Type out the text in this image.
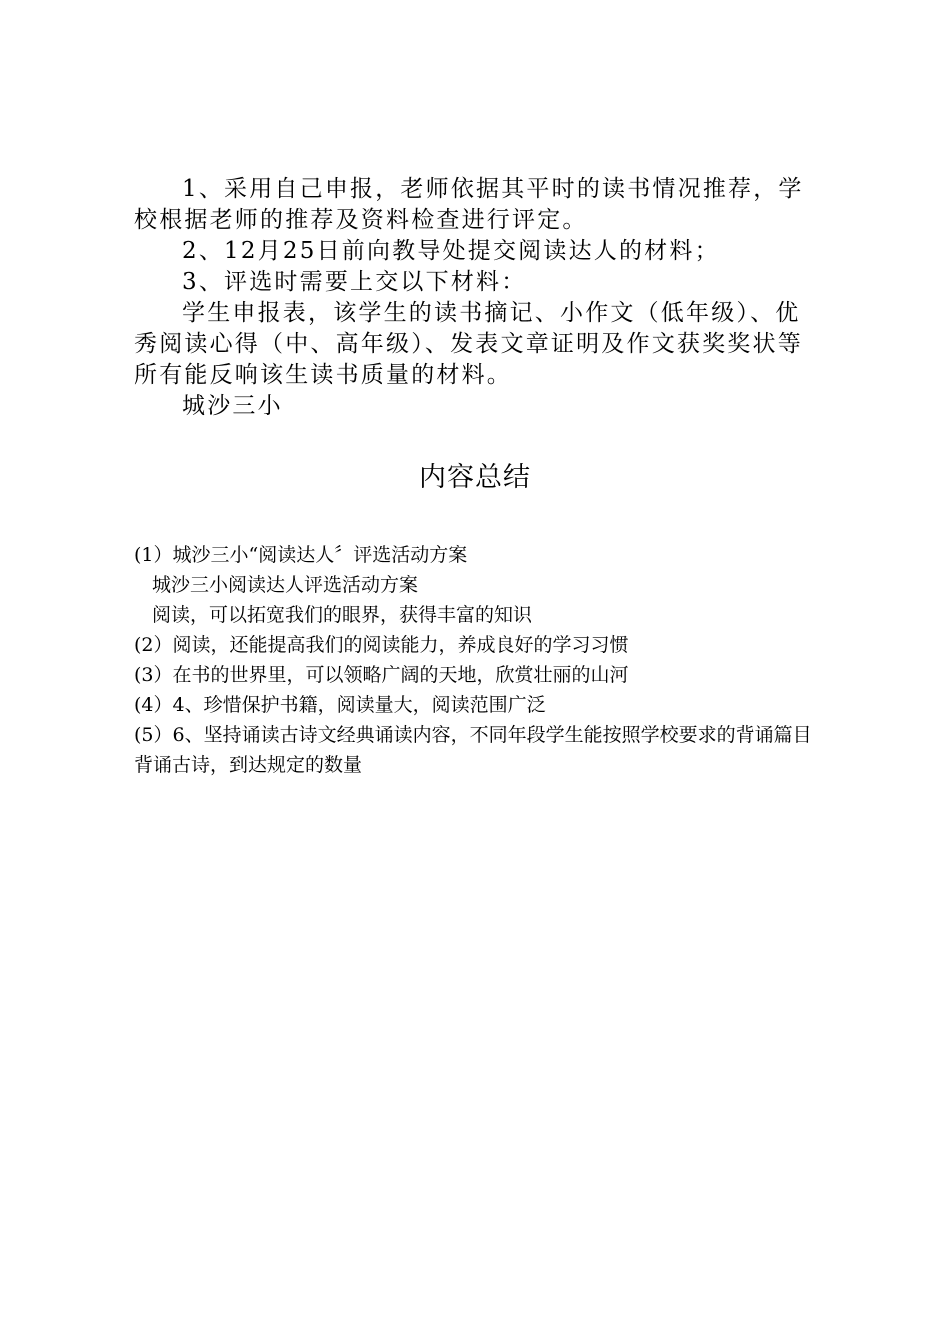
1、采用自己申报，老师依据其平时的读书情况推荐，学校根据老师的推荐及资料检查进行评定。

2、12月25日前向教导处提交阅读达人的材料；

3、评选时需要上交以下材料：

学生申报表，该学生的读书摘记、小作文（低年级）、优秀阅读心得（中、高年级）、发表文章证明及作文获奖奖状等所有能反响该生读书质量的材料。

城沙三小

内容总结

(1）城沙三小“阅读达人〞评选活动方案

城沙三小阅读达人评选活动方案

阅读，可以拓宽我们的眼界，获得丰富的知识

(2）阅读，还能提高我们的阅读能力，养成良好的学习习惯

(3）在书的世界里，可以领略广阔的天地，欣赏壮丽的山河

(4）4、珍惜保护书籍，阅读量大，阅读范围广泛

(5）6、坚持诵读古诗文经典诵读内容，不同年段学生能按照学校要求的背诵篇目背诵古诗，到达规定的数量
